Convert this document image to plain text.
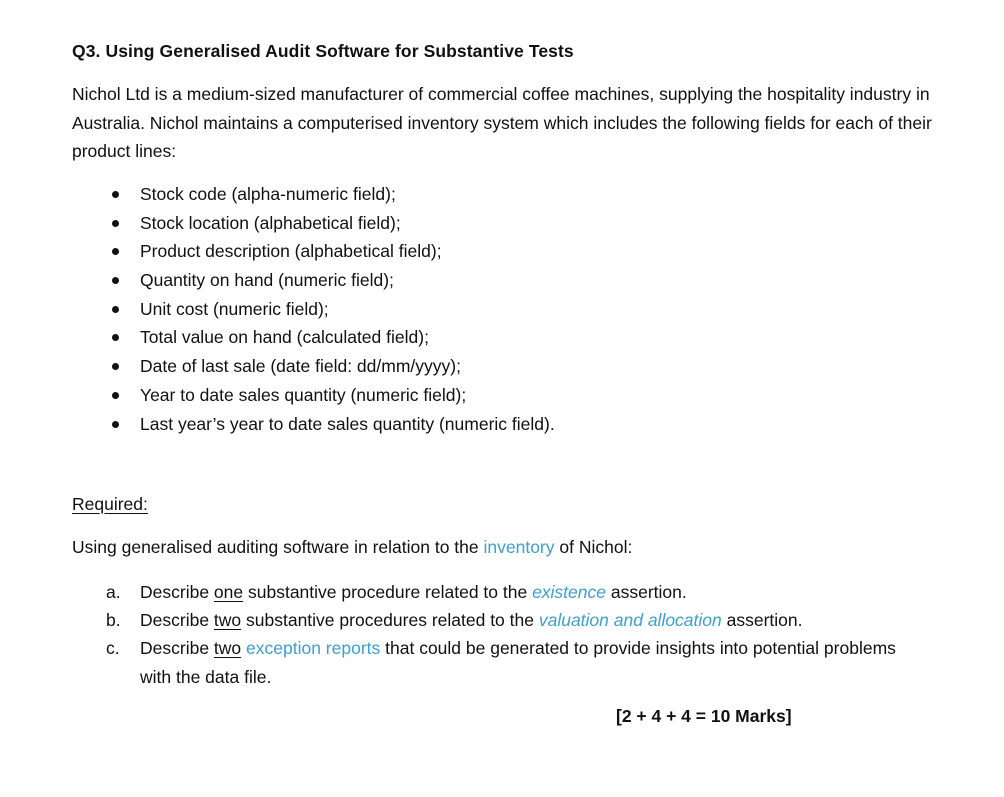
Q3. Using Generalised Audit Software for Substantive Tests
Nichol Ltd is a medium-sized manufacturer of commercial coffee machines, supplying the hospitality industry in Australia. Nichol maintains a computerised inventory system which includes the following fields for each of their product lines:
Stock code (alpha-numeric field);
Stock location (alphabetical field);
Product description (alphabetical field);
Quantity on hand (numeric field);
Unit cost (numeric field);
Total value on hand (calculated field);
Date of last sale (date field: dd/mm/yyyy);
Year to date sales quantity (numeric field);
Last year’s year to date sales quantity (numeric field).
Required:
Using generalised auditing software in relation to the inventory of Nichol:
a. Describe one substantive procedure related to the existence assertion.
b. Describe two substantive procedures related to the valuation and allocation assertion.
c. Describe two exception reports that could be generated to provide insights into potential problems with the data file.
[2 + 4 + 4 = 10 Marks]
